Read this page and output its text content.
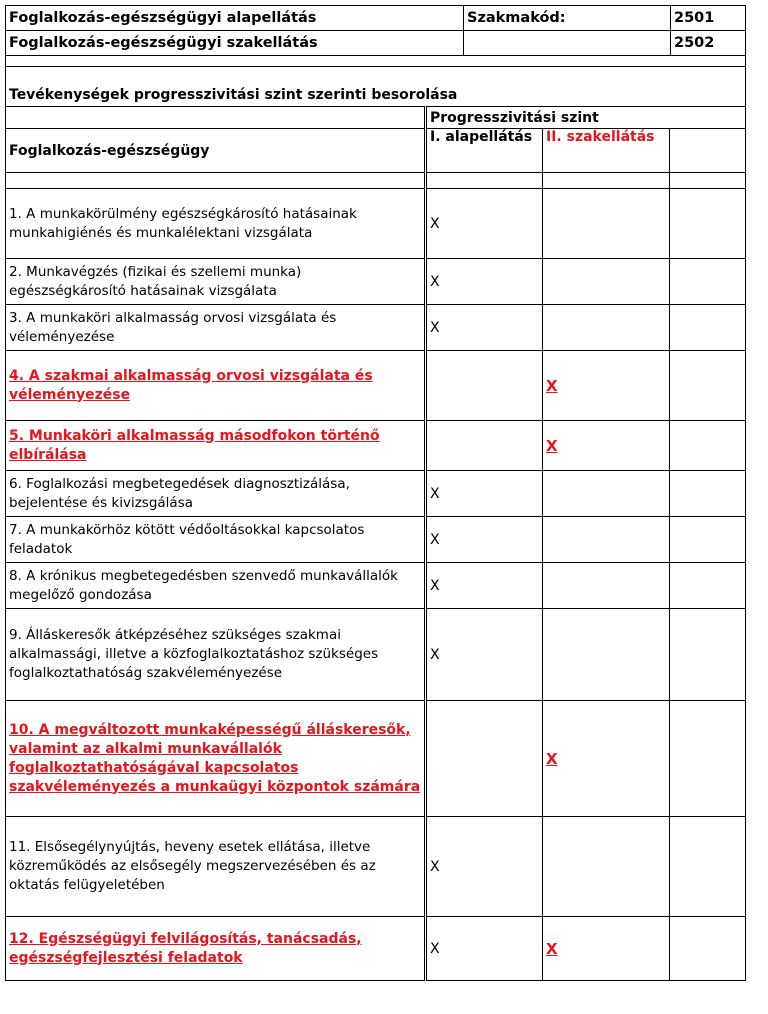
Foglalkozás-egészségügyi alapellátás	Szakmakód:	2501
Foglalkozás-egészségügyi szakellátás		2502

Tevékenységek progresszivitási szint szerinti besorolása			
	Progresszivitási szint		
Foglalkozás-egészségügy	I. alapellátás	II. szakellátás	

1. A munkakörülmény egészségkárosító hatásainak munkahigiénés és munkalélektani vizsgálata	X		
2. Munkavégzés (fizikai és szellemi munka) egészségkárosító hatásainak vizsgálata	X		
3. A munkaköri alkalmasság orvosi vizsgálata és véleményezése	X		
4. A szakmai alkalmasság orvosi vizsgálata és véleményezése		X	
5. Munkaköri alkalmasság másodfokon történő elbírálása		X	
6. Foglalkozási megbetegedések diagnosztizálása, bejelentése és kivizsgálása	X		
7. A munkakörhöz kötött védőoltásokkal kapcsolatos feladatok	X		
8. A krónikus megbetegedésben szenvedő munkavállalók megelőző gondozása	X		
9. Álláskeresők átképzéséhez szükséges szakmai alkalmassági, illetve a közfoglalkoztatáshoz szükséges foglalkoztathatóság szakvéleményezése	X		
10. A megváltozott munkaképességű álláskeresők, valamint az alkalmi munkavállalók foglalkoztathatóságával kapcsolatos szakvéleményezés a munkaügyi központok számára		X	
11. Elsősegélynyújtás, heveny esetek ellátása, illetve közreműködés az elsősegély megszervezésében és az oktatás felügyeletében	X		
12. Egészségügyi felvilágosítás, tanácsadás, egészségfejlesztési feladatok	X	X	
